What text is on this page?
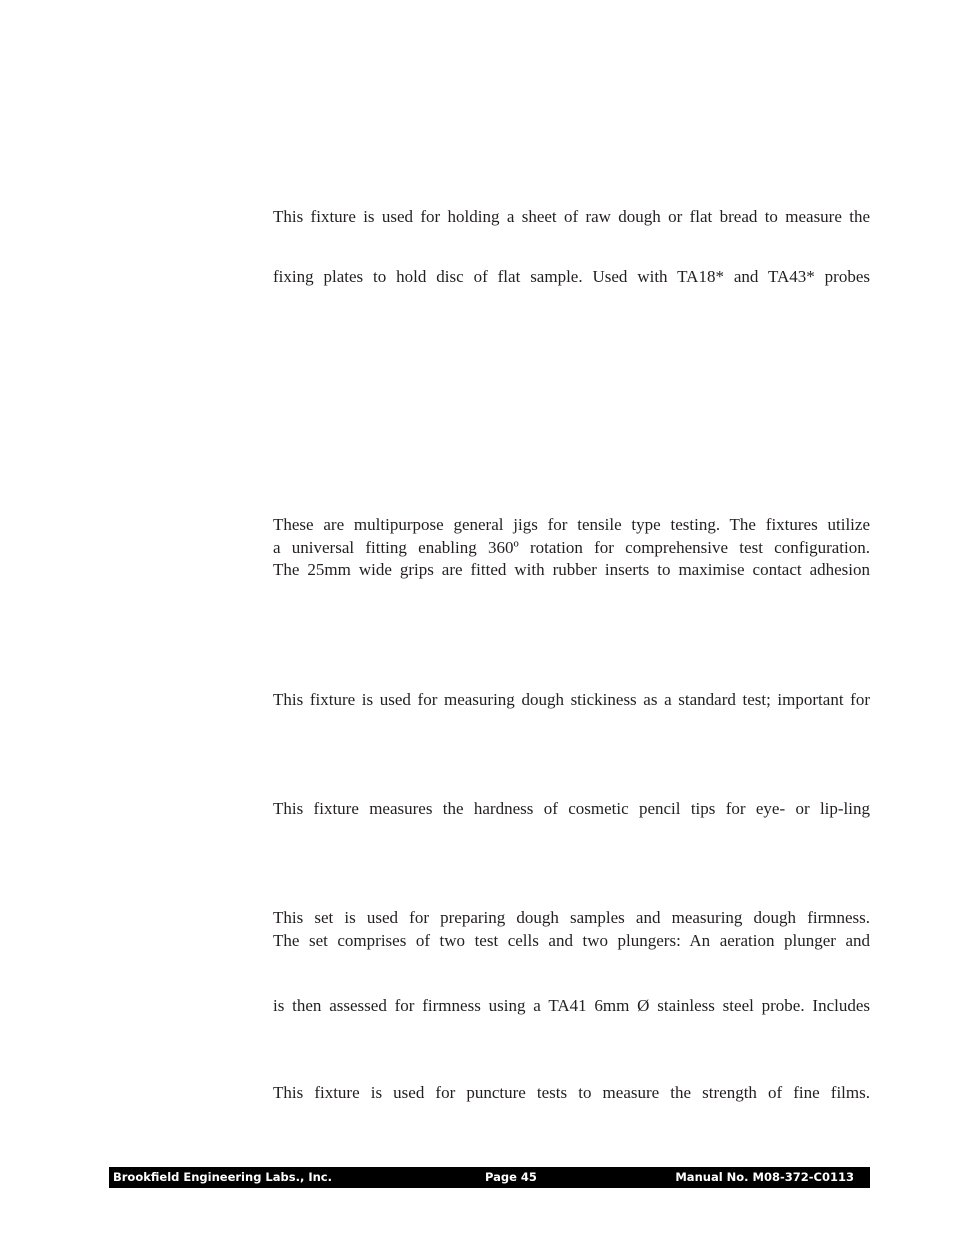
This fixture is used for holding a sheet of raw dough or flat bread to measure the
fixing plates to hold disc of flat sample. Used with TA18* and TA43* probes
These are multipurpose general jigs for tensile type testing. The fixtures utilize
a universal fitting enabling 360º rotation for comprehensive test configuration.
The 25mm wide grips are fitted with rubber inserts to maximise contact adhesion
This fixture is used for measuring dough stickiness as a standard test; important for
This fixture measures the hardness of cosmetic pencil tips for eye- or lip-ling
This set is used for preparing dough samples and measuring dough firmness.
The set comprises of two test cells and two plungers: An aeration plunger and
is then assessed for firmness using a TA41 6mm Ø stainless steel probe. Includes
This fixture is used for puncture tests to measure the strength of fine films.
Brookfield Engineering Labs., Inc.	Page 45	Manual No. M08-372-C0113
